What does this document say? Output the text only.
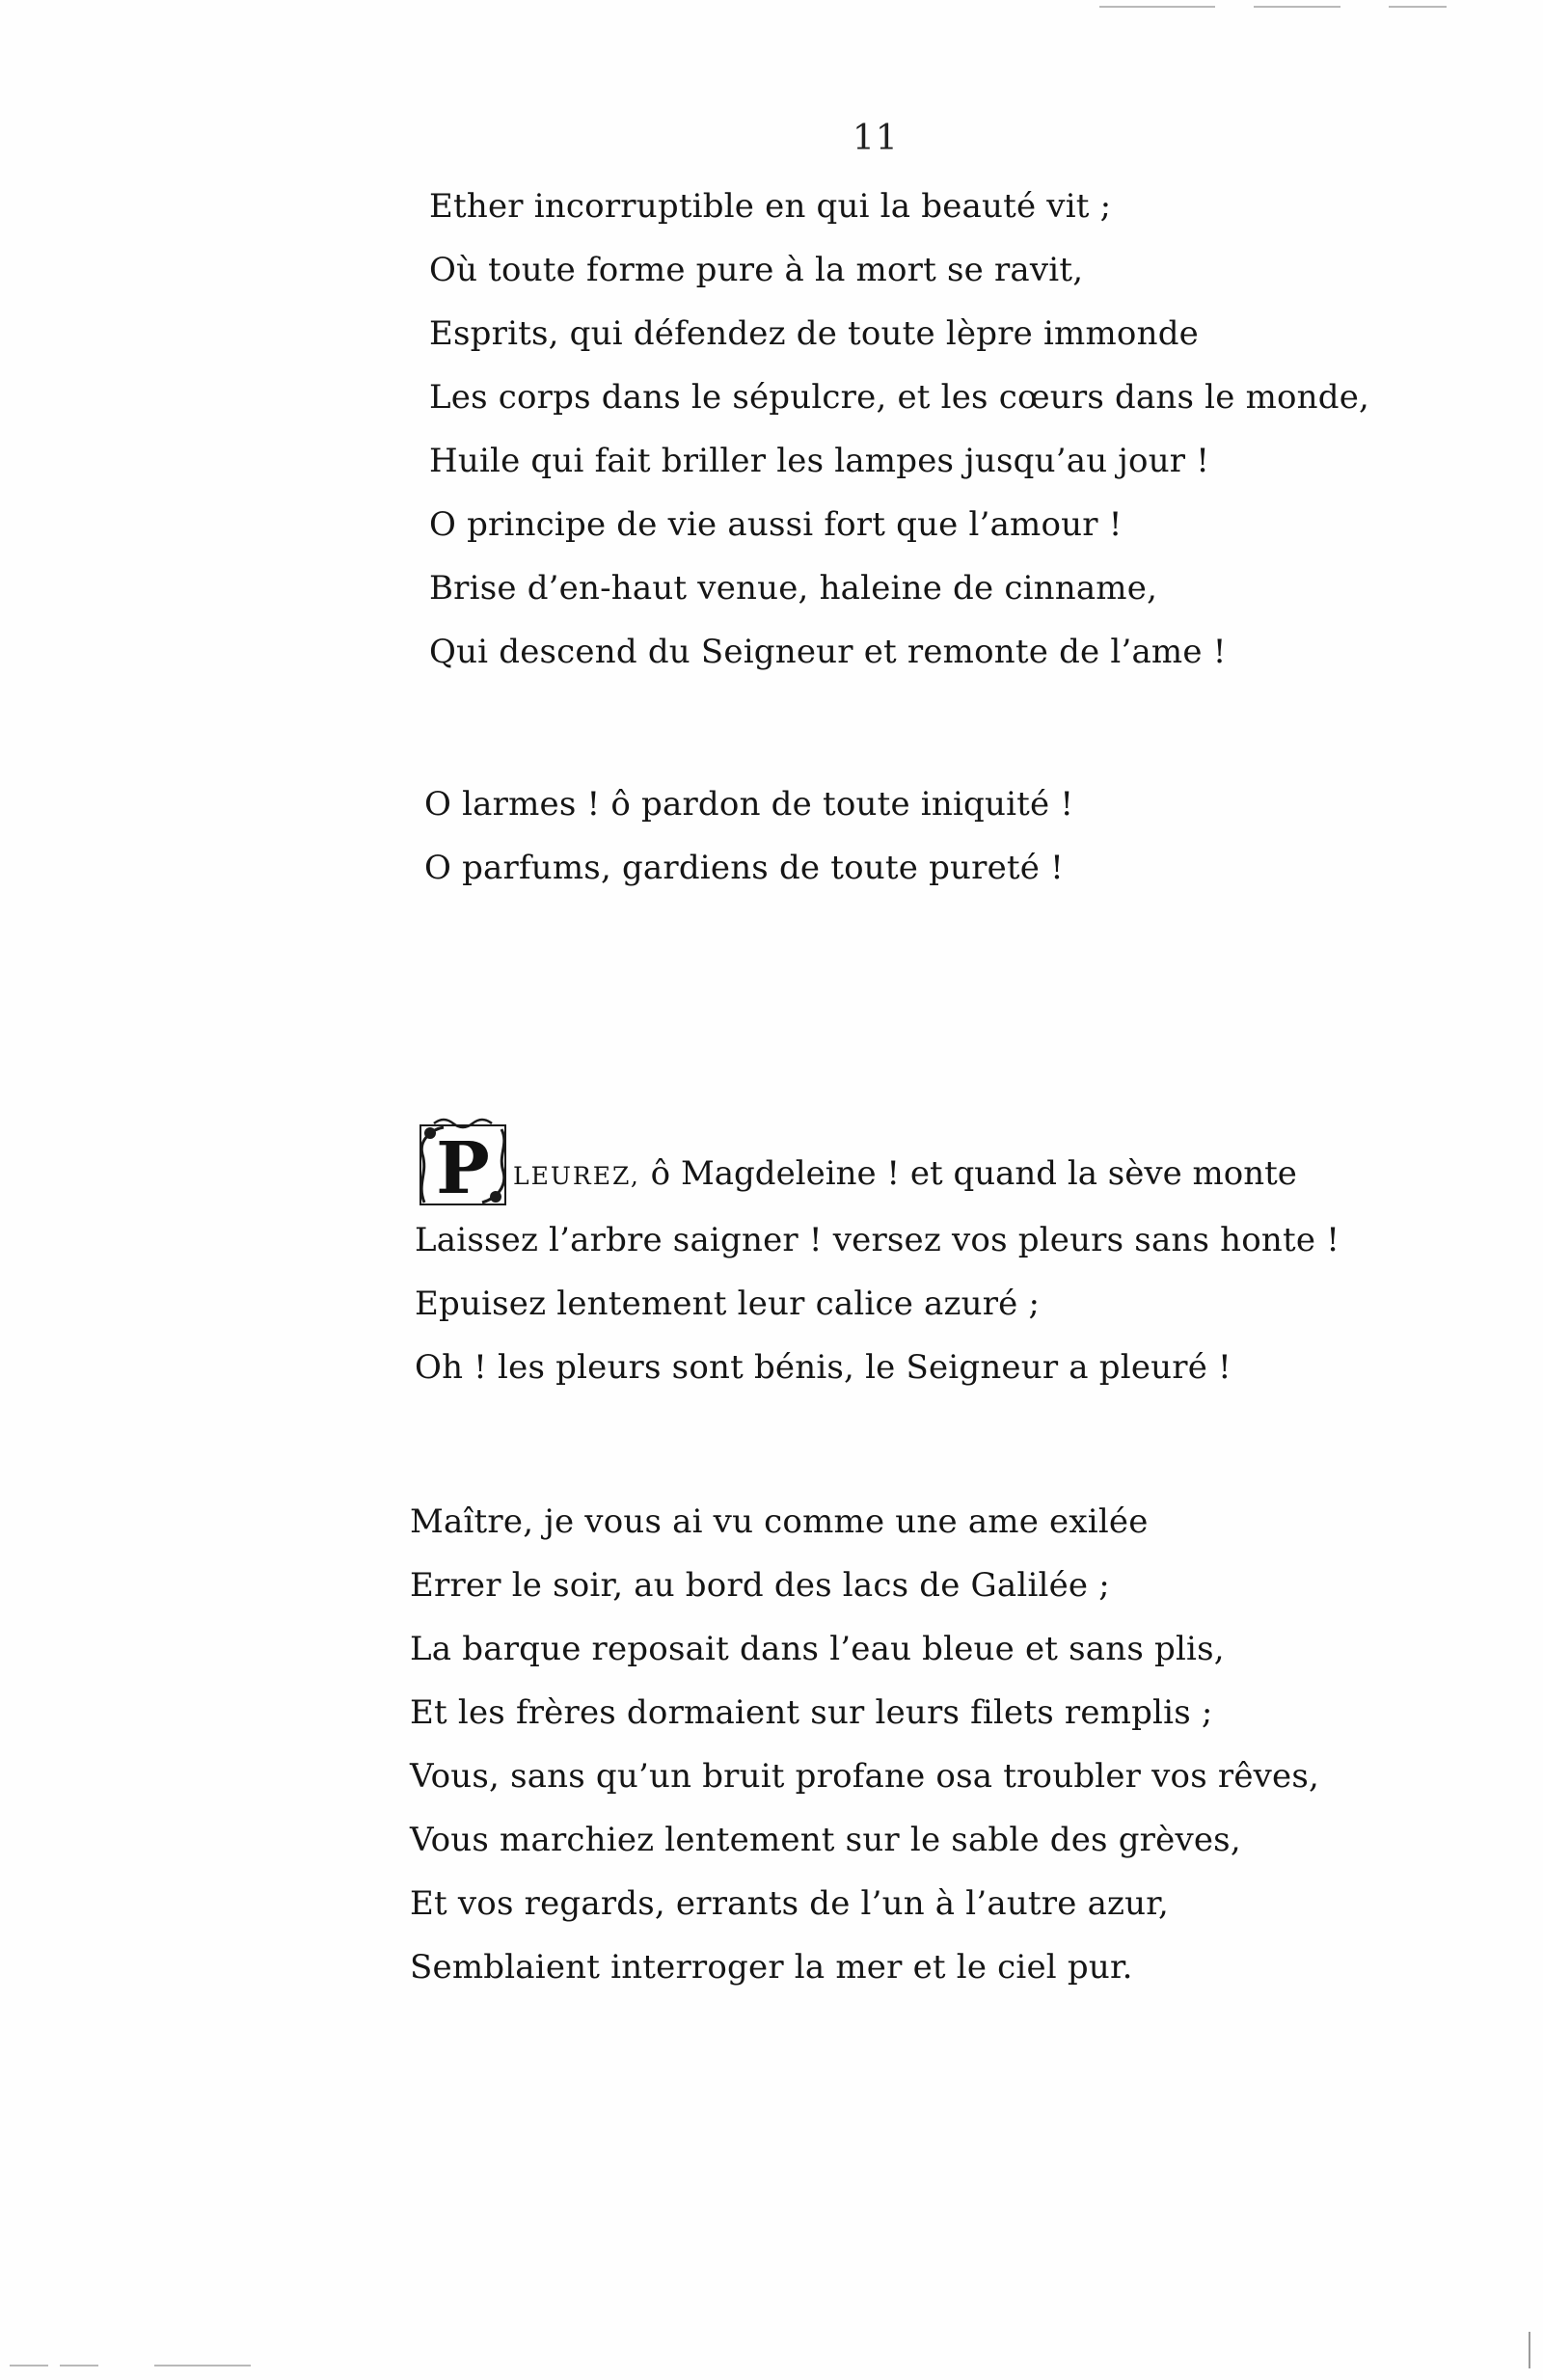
11
Ether incorruptible en qui la beauté vit ;
Où toute forme pure à la mort se ravit,
Esprits, qui défendez de toute lèpre immonde
Les corps dans le sépulcre, et les cœurs dans le monde,
Huile qui fait briller les lampes jusqu’au jour !
O principe de vie aussi fort que l’amour !
Brise d’en-haut venue, haleine de cinname,
Qui descend du Seigneur et remonte de l’ame !
O larmes ! ô pardon de toute iniquité !
O parfums, gardiens de toute pureté !
P LEUREZ, ô Magdeleine ! et quand la sève monte
Laissez l’arbre saigner ! versez vos pleurs sans honte !
Epuisez lentement leur calice azuré ;
Oh ! les pleurs sont bénis, le Seigneur a pleuré !
Maître, je vous ai vu comme une ame exilée
Errer le soir, au bord des lacs de Galilée ;
La barque reposait dans l’eau bleue et sans plis,
Et les frères dormaient sur leurs filets remplis ;
Vous, sans qu’un bruit profane osa troubler vos rêves,
Vous marchiez lentement sur le sable des grèves,
Et vos regards, errants de l’un à l’autre azur,
Semblaient interroger la mer et le ciel pur.
